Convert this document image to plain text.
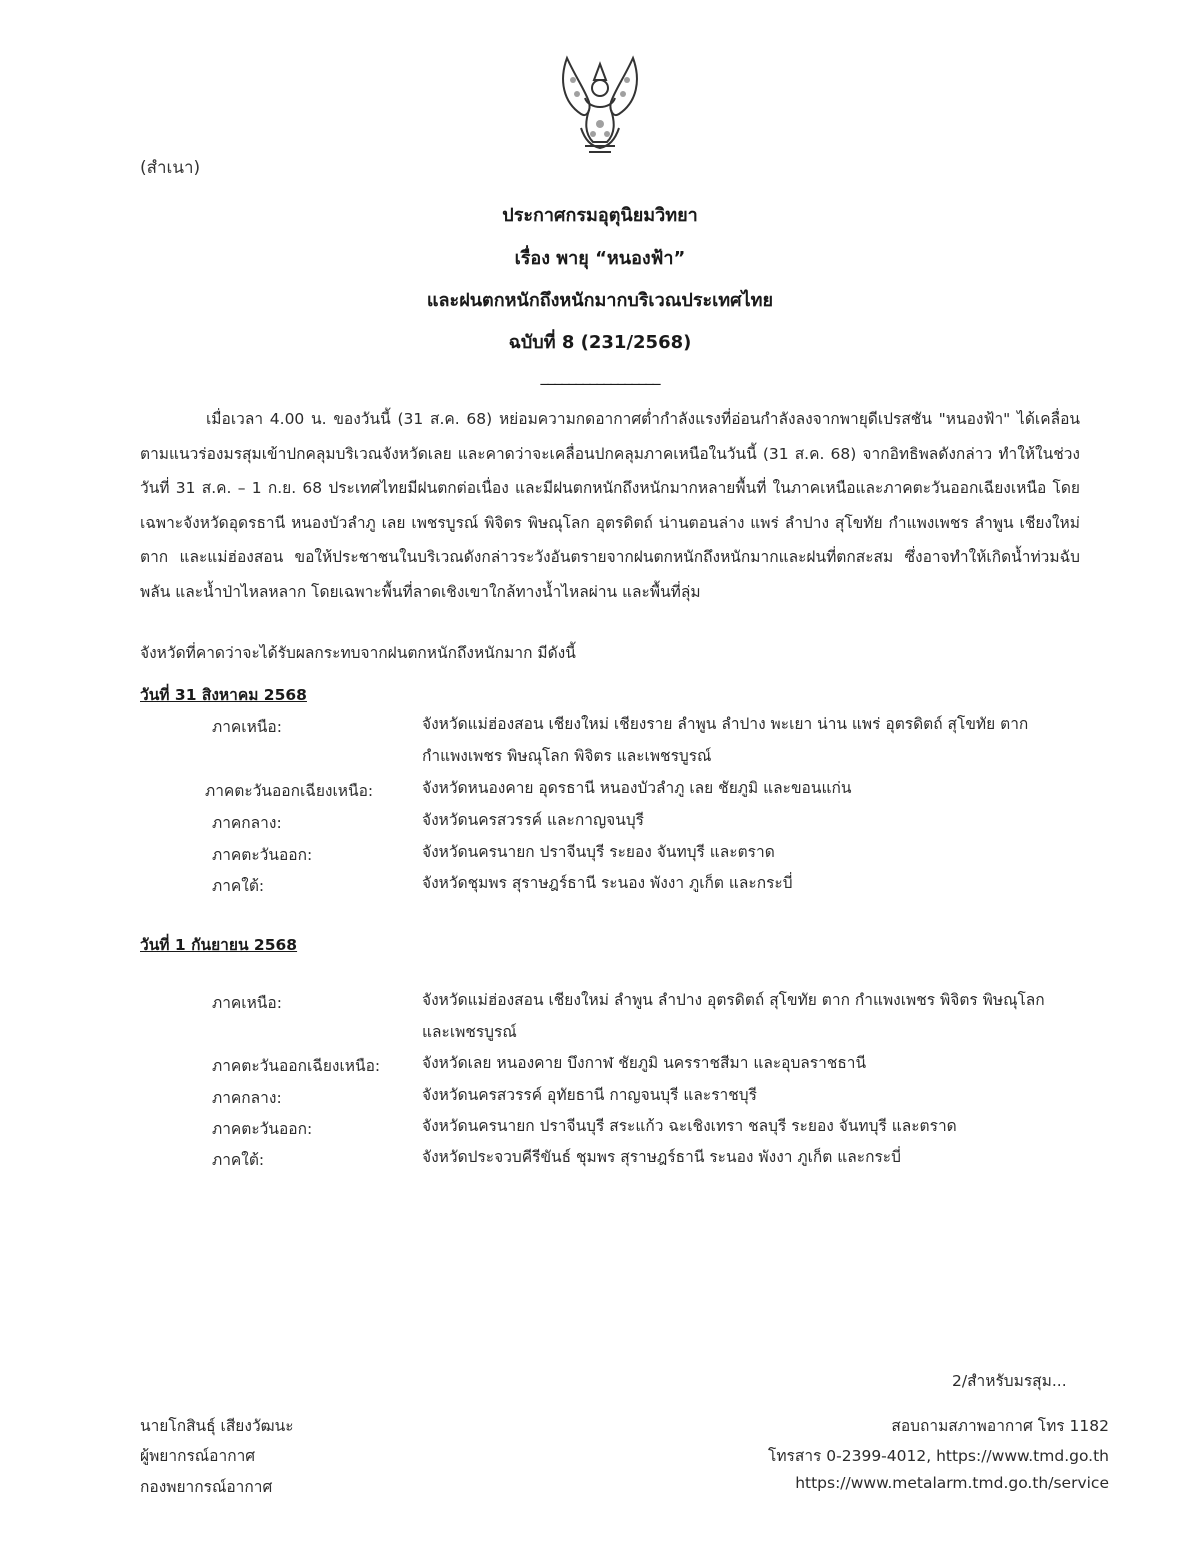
(สำเนา)
ประกาศกรมอุตุนิยมวิทยา
เรื่อง พายุ “หนองฟ้า”
และฝนตกหนักถึงหนักมากบริเวณประเทศไทย
ฉบับที่ 8 (231/2568)
_________________
เมื่อเวลา 4.00 น. ของวันนี้ (31 ส.ค. 68) หย่อมความกดอากาศต่ำกำลังแรงที่อ่อนกำลังลงจากพายุดีเปรสชัน "หนองฟ้า" ได้เคลื่อนตามแนวร่องมรสุมเข้าปกคลุมบริเวณจังหวัดเลย และคาดว่าจะเคลื่อนปกคลุมภาคเหนือในวันนี้ (31 ส.ค. 68) จากอิทธิพลดังกล่าว ทำให้ในช่วงวันที่ 31 ส.ค. – 1 ก.ย. 68 ประเทศไทยมีฝนตกต่อเนื่อง และมีฝนตกหนักถึงหนักมากหลายพื้นที่ ในภาคเหนือและภาคตะวันออกเฉียงเหนือ โดยเฉพาะจังหวัดอุดรธานี หนองบัวลำภู เลย เพชรบูรณ์ พิจิตร พิษณุโลก อุตรดิตถ์ น่านตอนล่าง แพร่ ลำปาง สุโขทัย กำแพงเพชร ลำพูน เชียงใหม่ ตาก และแม่ฮ่องสอน ขอให้ประชาชนในบริเวณดังกล่าวระวังอันตรายจากฝนตกหนักถึงหนักมากและฝนที่ตกสะสม ซึ่งอาจทำให้เกิดน้ำท่วมฉับพลัน และน้ำป่าไหลหลาก โดยเฉพาะพื้นที่ลาดเชิงเขาใกล้ทางน้ำไหลผ่าน และพื้นที่ลุ่ม
จังหวัดที่คาดว่าจะได้รับผลกระทบจากฝนตกหนักถึงหนักมาก มีดังนี้
วันที่ 31 สิงหาคม 2568
ภาคเหนือ:	จังหวัดแม่ฮ่องสอน เชียงใหม่ เชียงราย ลำพูน ลำปาง พะเยา น่าน แพร่ อุตรดิตถ์ สุโขทัย ตาก กำแพงเพชร พิษณุโลก พิจิตร และเพชรบูรณ์
ภาคตะวันออกเฉียงเหนือ:	จังหวัดหนองคาย อุดรธานี หนองบัวลำภู เลย ชัยภูมิ และขอนแก่น
ภาคกลาง:	จังหวัดนครสวรรค์ และกาญจนบุรี
ภาคตะวันออก:	จังหวัดนครนายก ปราจีนบุรี ระยอง จันทบุรี และตราด
ภาคใต้:	จังหวัดชุมพร สุราษฎร์ธานี ระนอง พังงา ภูเก็ต และกระบี่
วันที่ 1 กันยายน 2568
ภาคเหนือ:	จังหวัดแม่ฮ่องสอน เชียงใหม่ ลำพูน ลำปาง อุตรดิตถ์ สุโขทัย ตาก กำแพงเพชร พิจิตร พิษณุโลก และเพชรบูรณ์
ภาคตะวันออกเฉียงเหนือ:	จังหวัดเลย หนองคาย บึงกาฬ ชัยภูมิ นครราชสีมา และอุบลราชธานี
ภาคกลาง:	จังหวัดนครสวรรค์ อุทัยธานี กาญจนบุรี และราชบุรี
ภาคตะวันออก:	จังหวัดนครนายก ปราจีนบุรี สระแก้ว ฉะเชิงเทรา ชลบุรี ระยอง จันทบุรี และตราด
ภาคใต้:	จังหวัดประจวบคีรีขันธ์ ชุมพร สุราษฎร์ธานี ระนอง พังงา ภูเก็ต และกระบี่
2/สำหรับมรสุม...
นายโกสินธุ์ เสียงวัฒนะ
ผู้พยากรณ์อากาศ
กองพยากรณ์อากาศ
สอบถามสภาพอากาศ โทร 1182
โทรสาร 0-2399-4012, https://www.tmd.go.th
https://www.metalarm.tmd.go.th/service
